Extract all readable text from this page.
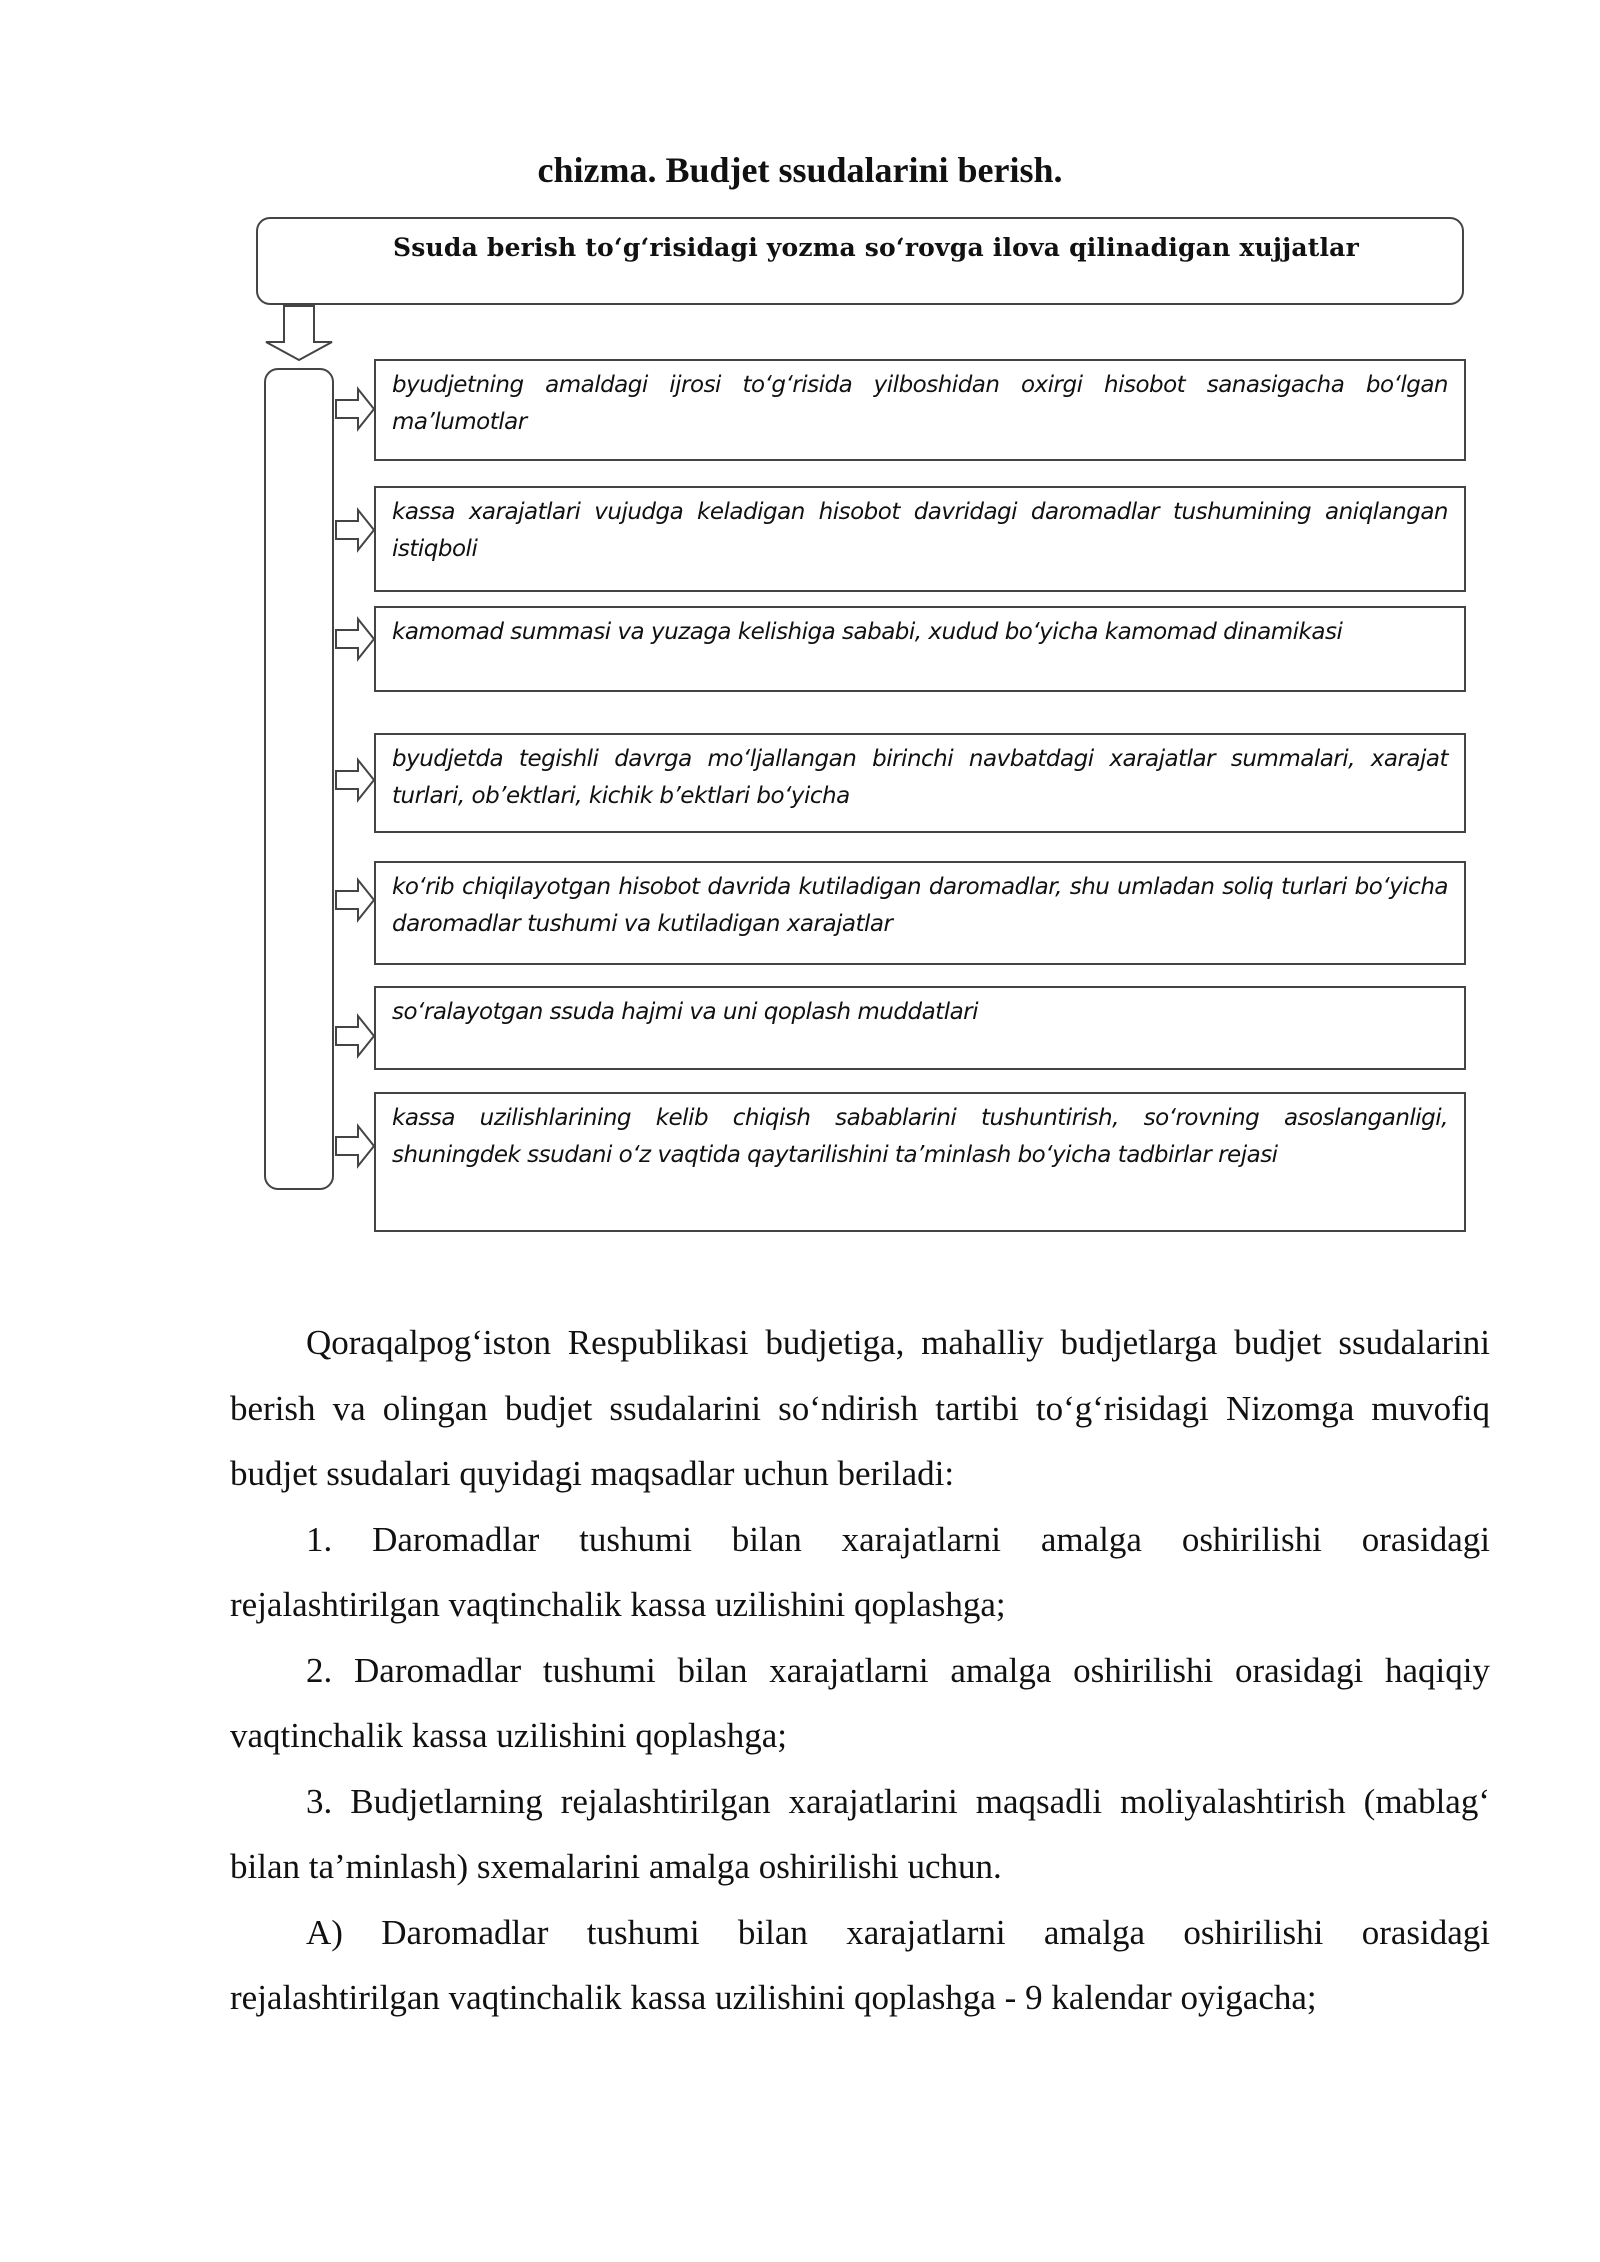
chizma. Budjet ssudalarini berish.
Ssuda berish to‘g‘risidagi yozma so‘rovga ilova qilinadigan xujjatlar
byudjetning amaldagi ijrosi to‘g‘risida yilboshidan oxirgi hisobot sanasigacha bo‘lgan ma’lumotlar
kassa xarajatlari vujudga keladigan hisobot davridagi daromadlar tushumining aniqlangan istiqboli
kamomad summasi va yuzaga kelishiga sababi, xudud bo‘yicha kamomad dinamikasi
byudjetda tegishli davrga mo‘ljallangan birinchi navbatdagi xarajatlar summalari, xarajat turlari, ob’ektlari, kichik b’ektlari bo‘yicha
ko‘rib chiqilayotgan hisobot davrida kutiladigan daromadlar, shu umladan soliq turlari bo‘yicha daromadlar tushumi va kutiladigan xarajatlar
so‘ralayotgan ssuda hajmi va uni qoplash muddatlari
kassa uzilishlarining kelib chiqish sabablarini tushuntirish, so‘rovning asoslanganligi, shuningdek ssudani o‘z vaqtida qaytarilishini ta’minlash bo‘yicha tadbirlar rejasi

Qoraqalpog‘iston Respublikasi budjetiga, mahalliy budjetlarga budjet ssudalarini berish va olingan budjet ssudalarini so‘ndirish tartibi to‘g‘risidagi Nizomga muvofiq budjet ssudalari quyidagi maqsadlar uchun beriladi:

1. Daromadlar tushumi bilan xarajatlarni amalga oshirilishi orasidagi rejalashtirilgan vaqtinchalik kassa uzilishini qoplashga;

2. Daromadlar tushumi bilan xarajatlarni amalga oshirilishi orasidagi haqiqiy vaqtinchalik kassa uzilishini qoplashga;

3. Budjetlarning rejalashtirilgan xarajatlarini maqsadli moliyalashtirish (mablag‘ bilan ta’minlash) sxemalarini amalga oshirilishi uchun.

A) Daromadlar tushumi bilan xarajatlarni amalga oshirilishi orasidagi rejalashtirilgan vaqtinchalik kassa uzilishini qoplashga - 9 kalendar oyigacha;
